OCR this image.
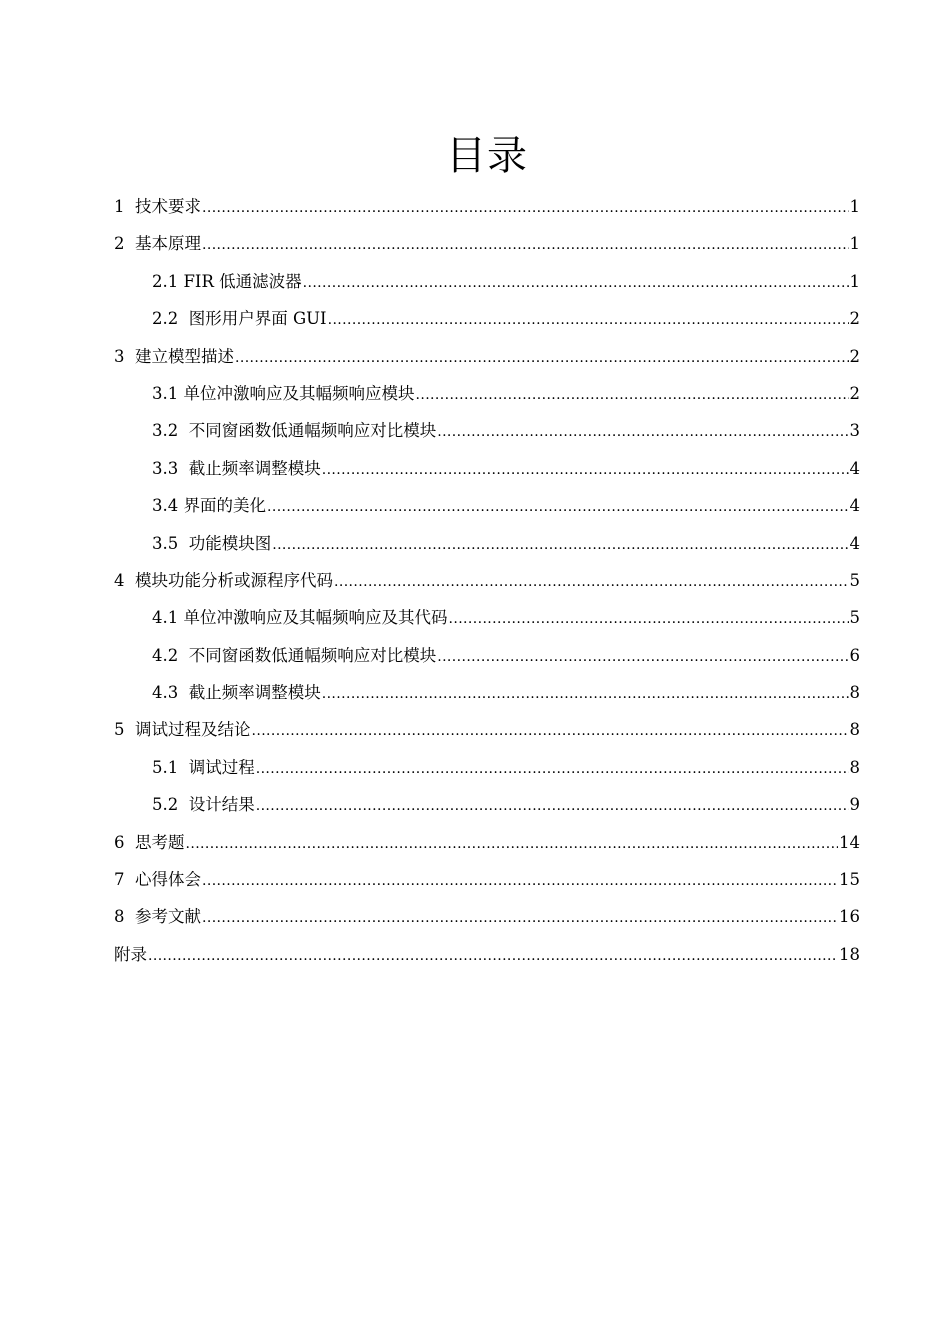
目录
1  技术要求 .....	1
2  基本原理 .....	1
2.1 FIR 低通滤波器 .....	1
2.2  图形用户界面 GUI .....	2
3  建立模型描述 .....	2
3.1 单位冲激响应及其幅频响应模块 .....	2
3.2  不同窗函数低通幅频响应对比模块 .....	3
3.3  截止频率调整模块 .....	4
3.4 界面的美化 .....	4
3.5  功能模块图 .....	4
4  模块功能分析或源程序代码 .....	5
4.1 单位冲激响应及其幅频响应及其代码 .....	5
4.2  不同窗函数低通幅频响应对比模块 .....	6
4.3  截止频率调整模块 .....	8
5  调试过程及结论 .....	8
5.1  调试过程 .....	8
5.2  设计结果 .....	9
6  思考题 .....	14
7  心得体会 .....	15
8  参考文献 .....	16
附录 .....	18
